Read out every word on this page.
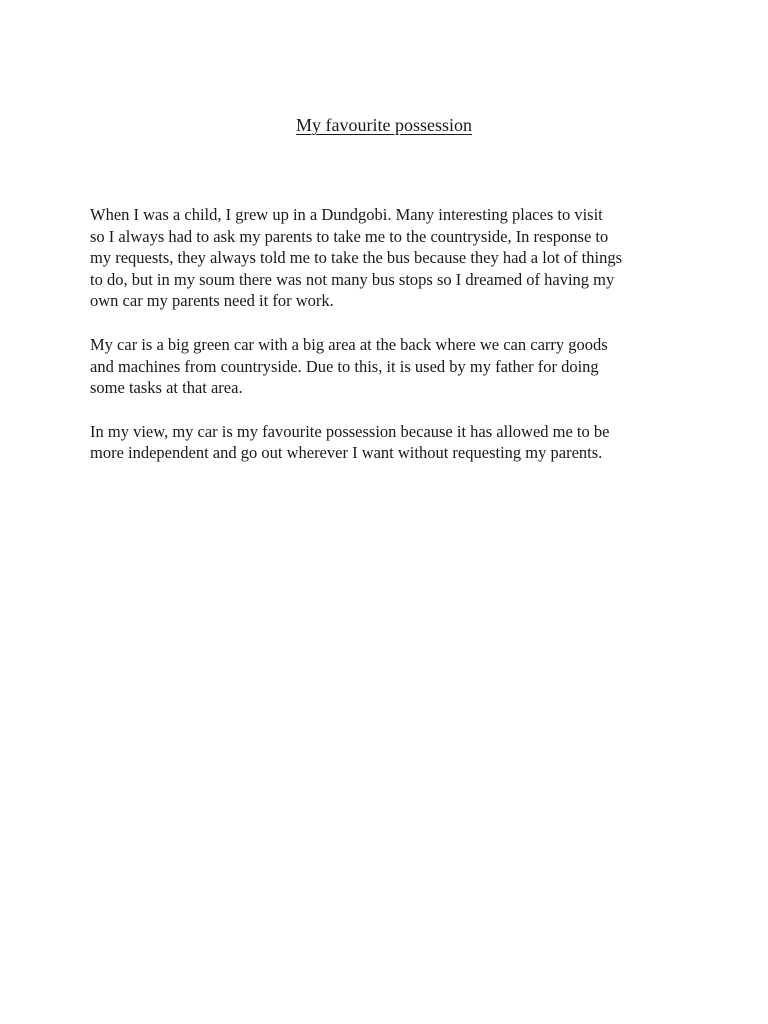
My favourite possession

When I was a child, I grew up in a Dundgobi. Many interesting places to visit
so I always had to ask my parents to take me to the countryside, In response to
my requests, they always told me to take the bus because they had a lot of things
to do, but in my soum there was not many bus stops so I dreamed of having my
own car my parents need it for work.

My car is a big green car with a big area at the back where we can carry goods
and machines from countryside. Due to this, it is used by my father for doing
some tasks at that area.

In my view, my car is my favourite possession because it has allowed me to be
more independent and go out wherever I want without requesting my parents.
